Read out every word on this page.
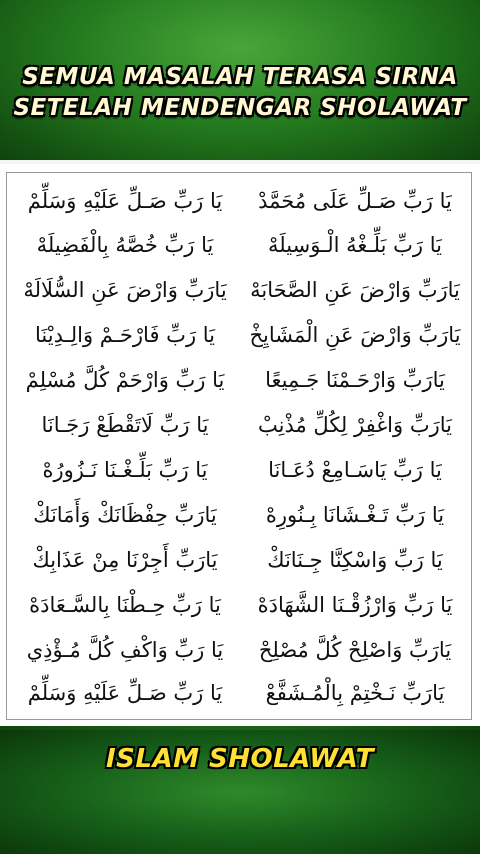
SEMUA MASALAH TERASA SIRNA
SETELAH MENDENGAR SHOLAWAT
يَا رَبِّ صَـلِّ عَلَيْهِ وَسَلِّمْ	يَا رَبِّ صَـلِّ عَلَى مُحَمَّدْ
يَا رَبِّ خُصَّهُ بِالْفَضِيلَهْ	يَا رَبِّ بَلِّـغْهُ الْـوَسِيلَهْ
يَارَبِّ وَارْضَ عَنِ السُّلَالَهْ	يَارَبِّ وَارْضَ عَنِ الصَّحَابَهْ
يَا رَبِّ فَارْحَـمْ وَالِـدِيْنَا	يَارَبِّ وَارْضَ عَنِ الْمَشَايِخْ
يَا رَبِّ وَارْحَمْ كُلَّ مُسْلِمْ	يَارَبِّ وَارْحَـمْنَا جَـمِيعًا
يَا رَبِّ لَاتَقْطَعْ رَجَـانَا	يَارَبِّ وَاغْفِرْ لِكُلِّ مُذْنِبْ
يَا رَبِّ بَلِّـغْـنَا نَـزُورُهْ	يَا رَبِّ يَاسَـامِعْ دُعَـانَا
يَارَبِّ حِفْظَانَكْ وَأَمَانَكْ	يَا رَبِّ تَـغْـشَانَا بِـنُورِهْ
يَارَبِّ أَجِرْنَا مِنْ عَذَابِكْ	يَا رَبِّ وَاسْكِنَّا جِـنَانَكْ
يَا رَبِّ حِـطْنَا بِالسَّـعَادَهْ	يَا رَبِّ وَارْزُقْـنَا الشَّهَادَهْ
يَا رَبِّ وَاكْفِ كُلَّ مُـؤْذِي	يَارَبِّ وَاصْلِحْ كُلَّ مُصْلِحْ
يَا رَبِّ صَـلِّ عَلَيْهِ وَسَلِّمْ	يَارَبِّ نَـخْتِمْ بِالْمُـشَفَّعْ
ISLAM SHOLAWAT
